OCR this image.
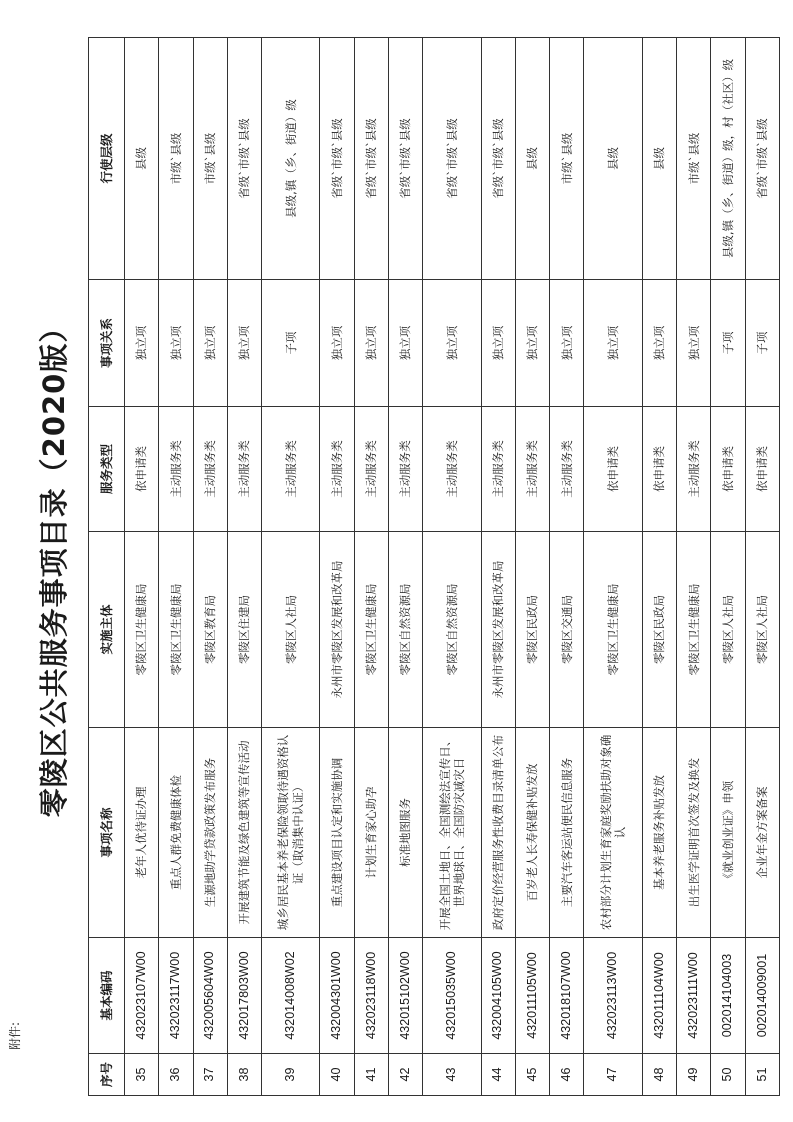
附件:
零陵区公共服务事项目录（2020版）
序号	基本编码	事项名称	实施主体	服务类型	事项关系	行使层级
35	432023107W00	老年人优待证办理	零陵区卫生健康局	依申请类	独立项	县级
36	432023117W00	重点人群免费健康体检	零陵区卫生健康局	主动服务类	独立项	市级`县级
37	432005604W00	生源地助学贷款政策发布服务	零陵区教育局	主动服务类	独立项	市级`县级
38	432017803W00	开展建筑节能及绿色建筑等宣传活动	零陵区住建局	主动服务类	独立项	省级`市级`县级
39	432014008W02	城乡居民基本养老保险领取待遇资格认证（取消集中认证）	零陵区人社局	主动服务类	子项	县级,镇（乡、街道）级
40	432004301W00	重点建设项目认定和实施协调	永州市零陵区发展和改革局	主动服务类	独立项	省级`市级`县级
41	432023118W00	计划生育家心助孕	零陵区卫生健康局	主动服务类	独立项	省级`市级`县级
42	432015102W00	标准地图服务	零陵区自然资源局	主动服务类	独立项	省级`市级`县级
43	432015035W00	开展全国土地日、全国测绘法宣传日、世界地球日、全国防灾减灾日	零陵区自然资源局	主动服务类	独立项	省级`市级`县级
44	432004105W00	政府定价经营服务性收费目录清单公布	永州市零陵区发展和改革局	主动服务类	独立项	省级`市级`县级
45	432011105W00	百岁老人长寿保健补贴发放	零陵区民政局	主动服务类	独立项	县级
46	432018107W00	主要汽车客运站便民信息服务	零陵区交通局	主动服务类	独立项	市级`县级
47	432023113W00	农村部分计划生育家庭奖励扶助对象确认	零陵区卫生健康局	依申请类	独立项	县级
48	432011104W00	基本养老服务补贴发放	零陵区民政局	依申请类	独立项	县级
49	432023111W00	出生医学证明首次签发及换发	零陵区卫生健康局	主动服务类	独立项	市级`县级
50	002014104003	《就业创业证》申领	零陵区人社局	依申请类	子项	县级,镇（乡、街道）级，村（社区）级
51	002014009001	企业年金方案备案	零陵区人社局	依申请类	子项	省级`市级`县级
